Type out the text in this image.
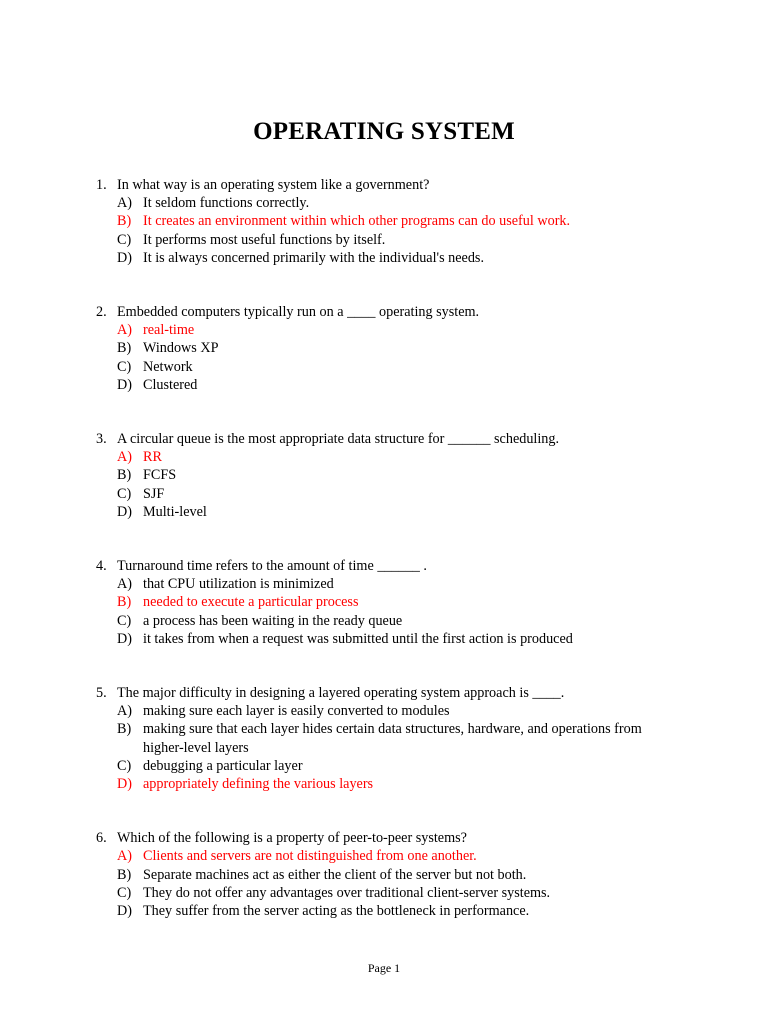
OPERATING SYSTEM
1. In what way is an operating system like a government?
A) It seldom functions correctly.
B) It creates an environment within which other programs can do useful work.
C) It performs most useful functions by itself.
D) It is always concerned primarily with the individual's needs.
2. Embedded computers typically run on a ____ operating system.
A) real-time
B) Windows XP
C) Network
D) Clustered
3. A circular queue is the most appropriate data structure for ______ scheduling.
A) RR
B) FCFS
C) SJF
D) Multi-level
4. Turnaround time refers to the amount of time ______ .
A) that CPU utilization is minimized
B) needed to execute a particular process
C) a process has been waiting in the ready queue
D) it takes from when a request was submitted until the first action is produced
5. The major difficulty in designing a layered operating system approach is ____.
A) making sure each layer is easily converted to modules
B) making sure that each layer hides certain data structures, hardware, and operations from higher-level layers
C) debugging a particular layer
D) appropriately defining the various layers
6. Which of the following is a property of peer-to-peer systems?
A) Clients and servers are not distinguished from one another.
B) Separate machines act as either the client of the server but not both.
C) They do not offer any advantages over traditional client-server systems.
D) They suffer from the server acting as the bottleneck in performance.
Page 1
